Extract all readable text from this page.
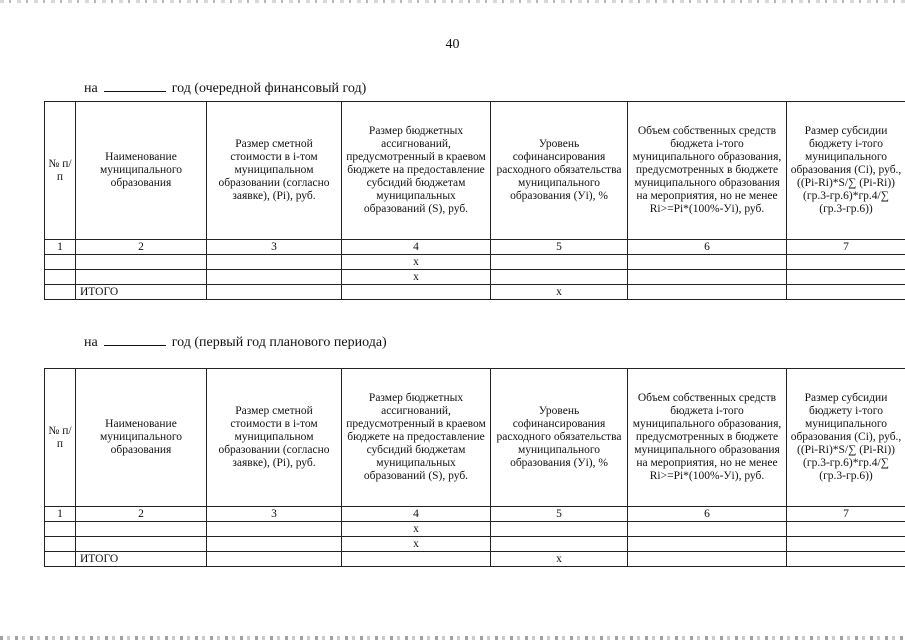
40
на	год (очередной финансовый год)
№ п/п	Наименование муниципального образования	Размер сметной стоимости в i-том муниципальном образовании (согласно заявке), (Pi), руб.	Размер бюджетных ассигнований, предусмотренный в краевом бюджете на предоставление субсидий бюджетам муниципальных образований (S), руб.	Уровень софинансирования расходного обязательства муниципального образования (Уi), %	Объем собственных средств бюджета i-того муниципального образования, предусмотренных в бюджете муниципального образования на мероприятия, но не менее Ri>=Pi*(100%-Уi), руб.	Размер субсидии бюджету i-того муниципального образования (Ci), руб., ((Pi-Ri)*S/∑ (Pi-Ri)) (гр.3-гр.6)*гр.4/∑ (гр.3-гр.6))
1	2	3	4	5	6	7
			x			
			x			
	ИТОГО			x		
на	год (первый год планового периода)
№ п/п	Наименование муниципального образования	Размер сметной стоимости в i-том муниципальном образовании (согласно заявке), (Pi), руб.	Размер бюджетных ассигнований, предусмотренный в краевом бюджете на предоставление субсидий бюджетам муниципальных образований (S), руб.	Уровень софинансирования расходного обязательства муниципального образования (Уi), %	Объем собственных средств бюджета i-того муниципального образования, предусмотренных в бюджете муниципального образования на мероприятия, но не менее Ri>=Pi*(100%-Уi), руб.	Размер субсидии бюджету i-того муниципального образования (Ci), руб., ((Pi-Ri)*S/∑ (Pi-Ri)) (гр.3-гр.6)*гр.4/∑ (гр.3-гр.6))
1	2	3	4	5	6	7
			x			
			x			
	ИТОГО			x		
